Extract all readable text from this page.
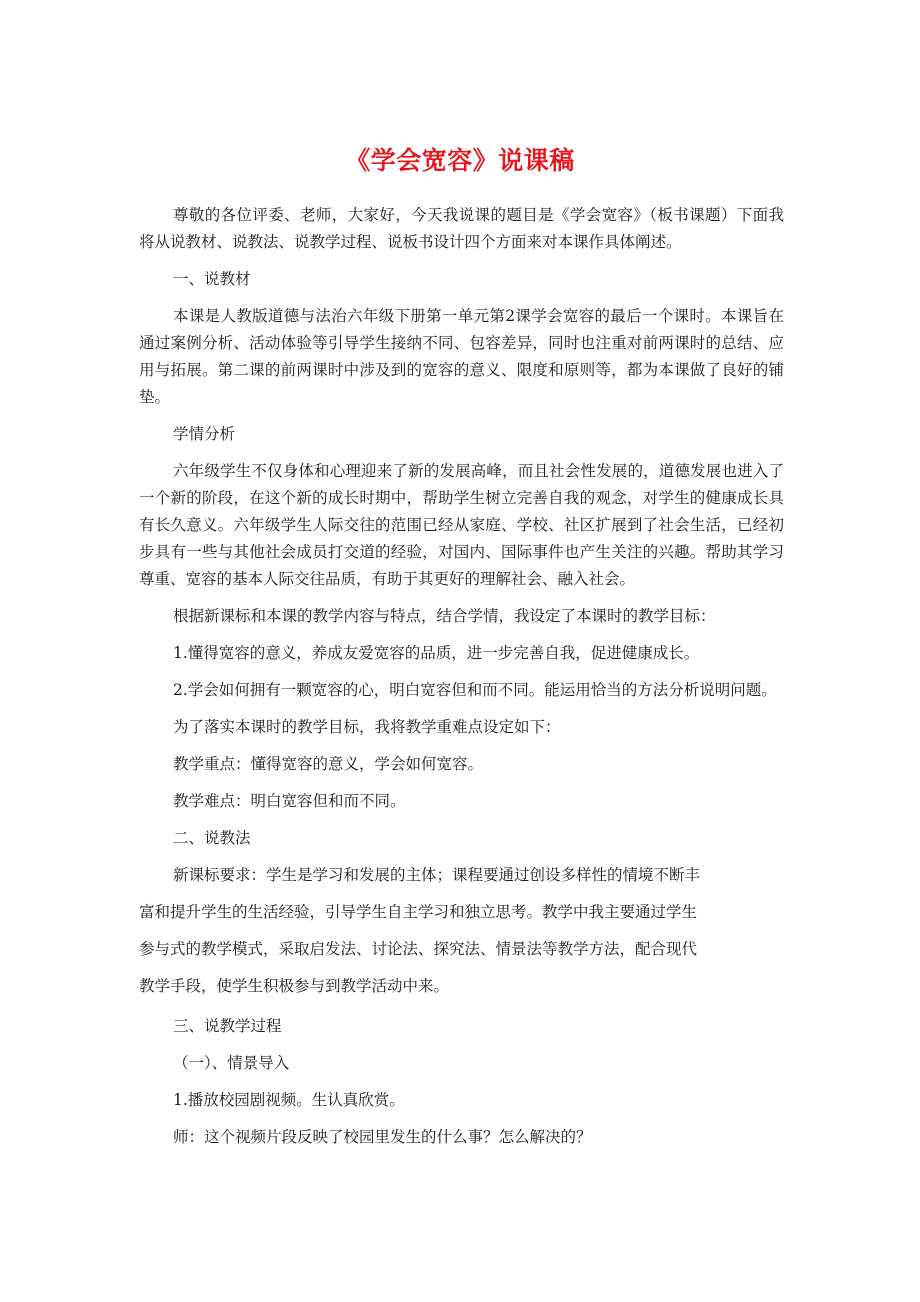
《学会宽容》说课稿

尊敬的各位评委、老师，大家好，今天我说课的题目是《学会宽容》（板书课题）下面我将从说教材、说教法、说教学过程、说板书设计四个方面来对本课作具体阐述。

一、说教材

本课是人教版道德与法治六年级下册第一单元第2课学会宽容的最后一个课时。本课旨在通过案例分析、活动体验等引导学生接纳不同、包容差异，同时也注重对前两课时的总结、应用与拓展。第二课的前两课时中涉及到的宽容的意义、限度和原则等，都为本课做了良好的铺垫。

学情分析

六年级学生不仅身体和心理迎来了新的发展高峰，而且社会性发展的，道德发展也进入了一个新的阶段，在这个新的成长时期中，帮助学生树立完善自我的观念，对学生的健康成长具有长久意义。六年级学生人际交往的范围已经从家庭、学校、社区扩展到了社会生活，已经初步具有一些与其他社会成员打交道的经验，对国内、国际事件也产生关注的兴趣。帮助其学习尊重、宽容的基本人际交往品质，有助于其更好的理解社会、融入社会。

根据新课标和本课的教学内容与特点，结合学情，我设定了本课时的教学目标：

1.懂得宽容的意义，养成友爱宽容的品质，进一步完善自我，促进健康成长。

2.学会如何拥有一颗宽容的心，明白宽容但和而不同。能运用恰当的方法分析说明问题。

为了落实本课时的教学目标，我将教学重难点设定如下：

教学重点：懂得宽容的意义，学会如何宽容。

教学难点：明白宽容但和而不同。

二、说教法

新课标要求：学生是学习和发展的主体；课程要通过创设多样性的情境不断丰

富和提升学生的生活经验，引导学生自主学习和独立思考。教学中我主要通过学生

参与式的教学模式，采取启发法、讨论法、探究法、情景法等教学方法，配合现代

教学手段，使学生积极参与到教学活动中来。

三、说教学过程

（一）、情景导入

1.播放校园剧视频。生认真欣赏。

师：这个视频片段反映了校园里发生的什么事？怎么解决的？
